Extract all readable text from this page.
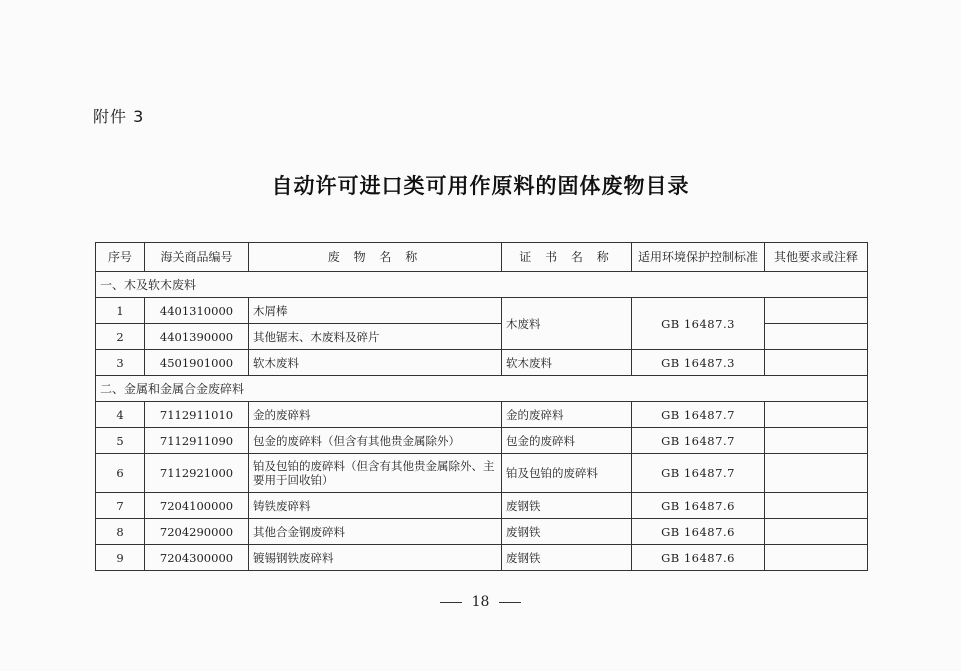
附件 3
自动许可进口类可用作原料的固体废物目录
序号	海关商品编号	废 物 名 称	证 书 名 称	适用环境保护控制标准	其他要求或注释
一、木及软木废料					
1	4401310000	木屑棒	木废料	GB 16487.3	
2	4401390000	其他锯末、木废料及碎片			
3	4501901000	软木废料	软木废料	GB 16487.3	
二、金属和金属合金废碎料					
4	7112911010	金的废碎料	金的废碎料	GB 16487.7	
5	7112911090	包金的废碎料（但含有其他贵金属除外）	包金的废碎料	GB 16487.7	
6	7112921000	铂及包铂的废碎料（但含有其他贵金属除外、主要用于回收铂）	铂及包铂的废碎料	GB 16487.7	
7	7204100000	铸铁废碎料	废钢铁	GB 16487.6	
8	7204290000	其他合金钢废碎料	废钢铁	GB 16487.6	
9	7204300000	镀锡钢铁废碎料	废钢铁	GB 16487.6	
18
